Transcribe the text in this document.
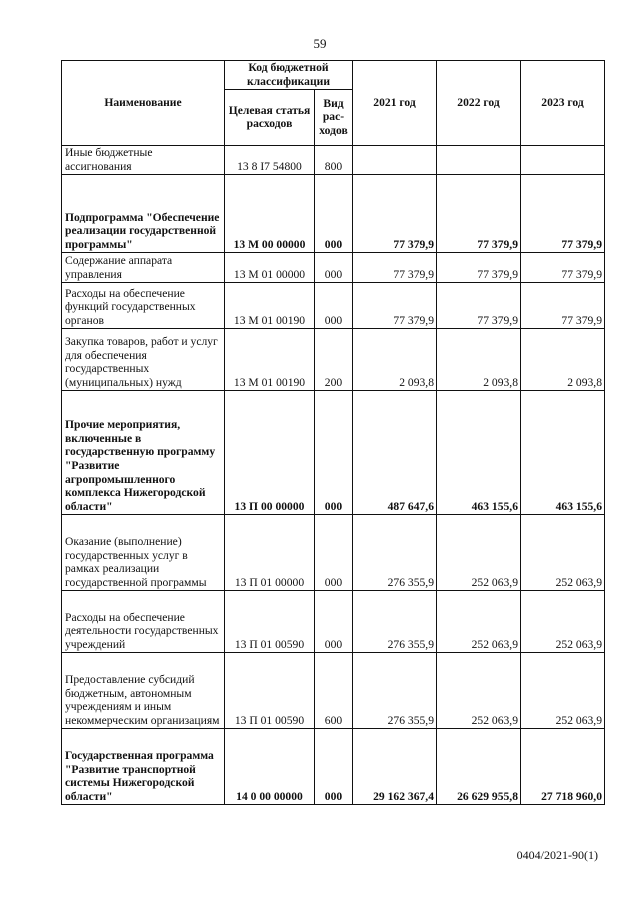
59
Наименование	Код бюджетной классификации		2021 год	2022 год	2023 год
	Целевая статья расходов	Вид рас-ходов			
Иные бюджетные ассигнования	13 8 I7 54800	800			
Подпрограмма "Обеспечение реализации государственной программы"	13 М 00 00000	000	77 379,9	77 379,9	77 379,9
Содержание аппарата управления	13 М 01 00000	000	77 379,9	77 379,9	77 379,9
Расходы на обеспечение функций государственных органов	13 М 01 00190	000	77 379,9	77 379,9	77 379,9
Закупка товаров, работ и услуг для обеспечения государственных (муниципальных) нужд	13 М 01 00190	200	2 093,8	2 093,8	2 093,8
Прочие мероприятия, включенные в государственную программу "Развитие агропромышленного комплекса Нижегородской области"	13 П 00 00000	000	487 647,6	463 155,6	463 155,6
Оказание (выполнение) государственных услуг в рамках реализации государственной программы	13 П 01 00000	000	276 355,9	252 063,9	252 063,9
Расходы на обеспечение деятельности государственных учреждений	13 П 01 00590	000	276 355,9	252 063,9	252 063,9
Предоставление субсидий бюджетным, автономным учреждениям и иным некоммерческим организациям	13 П 01 00590	600	276 355,9	252 063,9	252 063,9
Государственная программа "Развитие транспортной системы Нижегородской области"	14 0 00 00000	000	29 162 367,4	26 629 955,8	27 718 960,0
0404/2021-90(1)
